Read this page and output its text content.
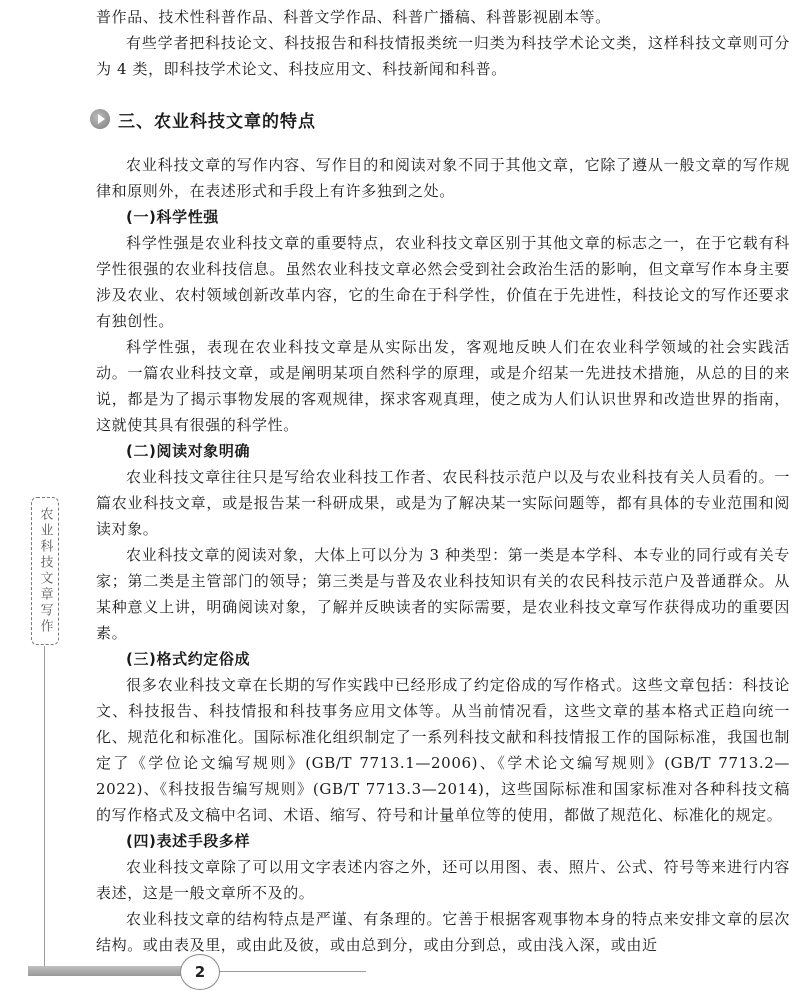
普作品、技术性科普作品、科普文学作品、科普广播稿、科普影视剧本等。

有些学者把科技论文、科技报告和科技情报类统一归类为科技学术论文类，这样科技文章则可分为 4 类，即科技学术论文、科技应用文、科技新闻和科普。

三、农业科技文章的特点

农业科技文章的写作内容、写作目的和阅读对象不同于其他文章，它除了遵从一般文章的写作规律和原则外，在表述形式和手段上有许多独到之处。

(一)科学性强

科学性强是农业科技文章的重要特点，农业科技文章区别于其他文章的标志之一，在于它载有科学性很强的农业科技信息。虽然农业科技文章必然会受到社会政治生活的影响，但文章写作本身主要涉及农业、农村领域创新改革内容，它的生命在于科学性，价值在于先进性，科技论文的写作还要求有独创性。

科学性强，表现在农业科技文章是从实际出发，客观地反映人们在农业科学领域的社会实践活动。一篇农业科技文章，或是阐明某项自然科学的原理，或是介绍某一先进技术措施，从总的目的来说，都是为了揭示事物发展的客观规律，探求客观真理，使之成为人们认识世界和改造世界的指南，这就使其具有很强的科学性。

(二)阅读对象明确

农业科技文章往往只是写给农业科技工作者、农民科技示范户以及与农业科技有关人员看的。一篇农业科技文章，或是报告某一科研成果，或是为了解决某一实际问题等，都有具体的专业范围和阅读对象。

农业科技文章的阅读对象，大体上可以分为 3 种类型：第一类是本学科、本专业的同行或有关专家；第二类是主管部门的领导；第三类是与普及农业科技知识有关的农民科技示范户及普通群众。从某种意义上讲，明确阅读对象，了解并反映读者的实际需要，是农业科技文章写作获得成功的重要因素。

(三)格式约定俗成

很多农业科技文章在长期的写作实践中已经形成了约定俗成的写作格式。这些文章包括：科技论文、科技报告、科技情报和科技事务应用文体等。从当前情况看，这些文章的基本格式正趋向统一化、规范化和标准化。国际标准化组织制定了一系列科技文献和科技情报工作的国际标准，我国也制定了《学位论文编写规则》(GB/T 7713.1—2006)、《学术论文编写规则》(GB/T 7713.2—2022)、《科技报告编写规则》(GB/T 7713.3—2014)，这些国际标准和国家标准对各种科技文稿的写作格式及文稿中名词、术语、缩写、符号和计量单位等的使用，都做了规范化、标准化的规定。

(四)表述手段多样

农业科技文章除了可以用文字表述内容之外，还可以用图、表、照片、公式、符号等来进行内容表述，这是一般文章所不及的。

农业科技文章的结构特点是严谨、有条理的。它善于根据客观事物本身的特点来安排文章的层次结构。或由表及里，或由此及彼，或由总到分，或由分到总，或由浅入深，或由近

农业科技文章写作
2
